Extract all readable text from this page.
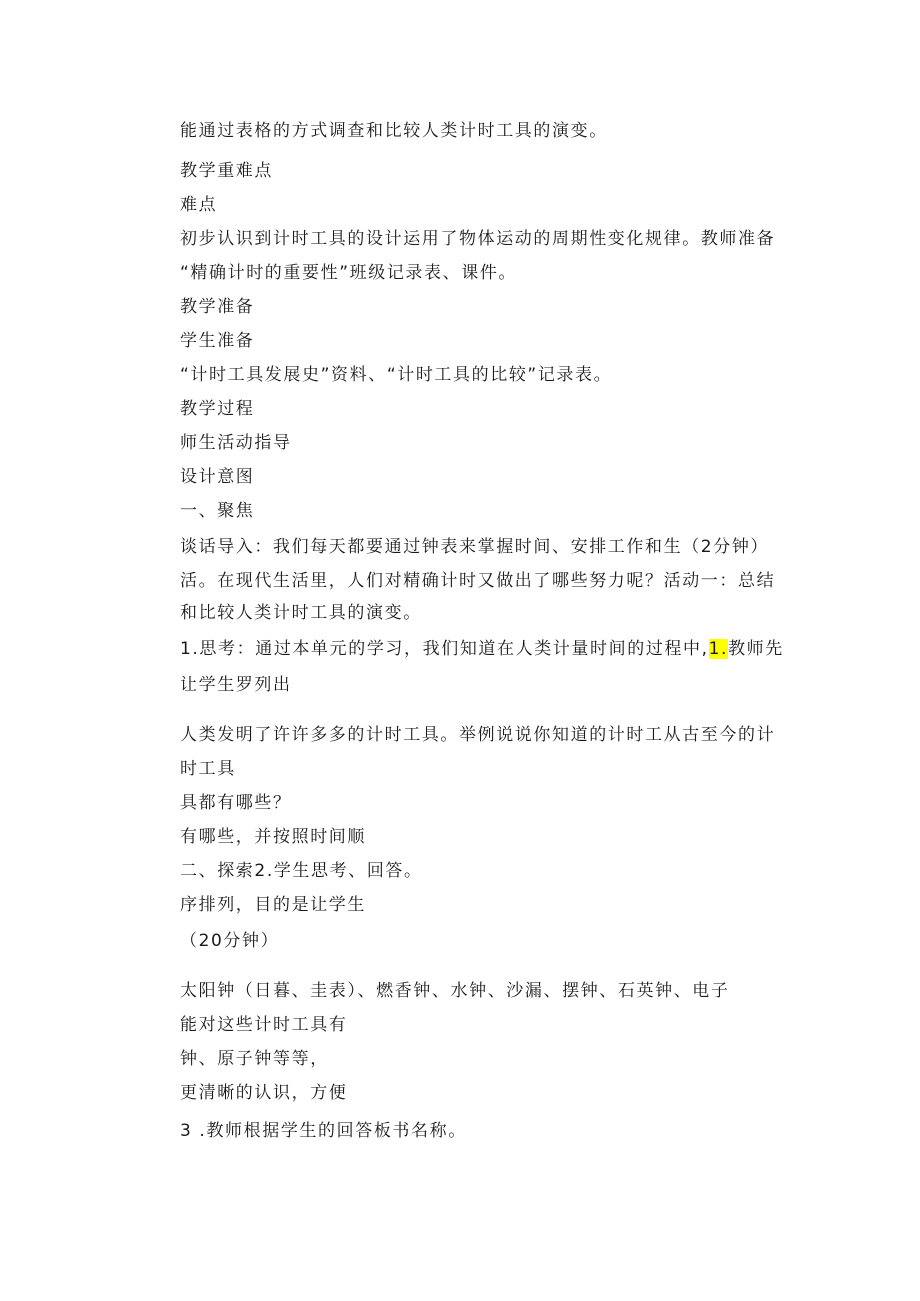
能通过表格的方式调查和比较人类计时工具的演变。
教学重难点
难点
初步认识到计时工具的设计运用了物体运动的周期性变化规律。教师准备
“精确计时的重要性”班级记录表、课件。
教学准备
学生准备
“计时工具发展史”资料、“计时工具的比较”记录表。
教学过程
师生活动指导
设计意图
一、聚焦
谈话导入：我们每天都要通过钟表来掌握时间、安排工作和生（2分钟）
活。在现代生活里，人们对精确计时又做出了哪些努力呢？活动一：总结
和比较人类计时工具的演变。
1.思考：通过本单元的学习，我们知道在人类计量时间的过程中,1.教师先
让学生罗列出
人类发明了许许多多的计时工具。举例说说你知道的计时工从古至今的计
时工具
具都有哪些？
有哪些，并按照时间顺
二、探索2.学生思考、回答。
序排列，目的是让学生
（20分钟）
太阳钟（日暮、圭表）、燃香钟、水钟、沙漏、摆钟、石英钟、电子
能对这些计时工具有
钟、原子钟等等，
更清晰的认识，方便
3 .教师根据学生的回答板书名称。
